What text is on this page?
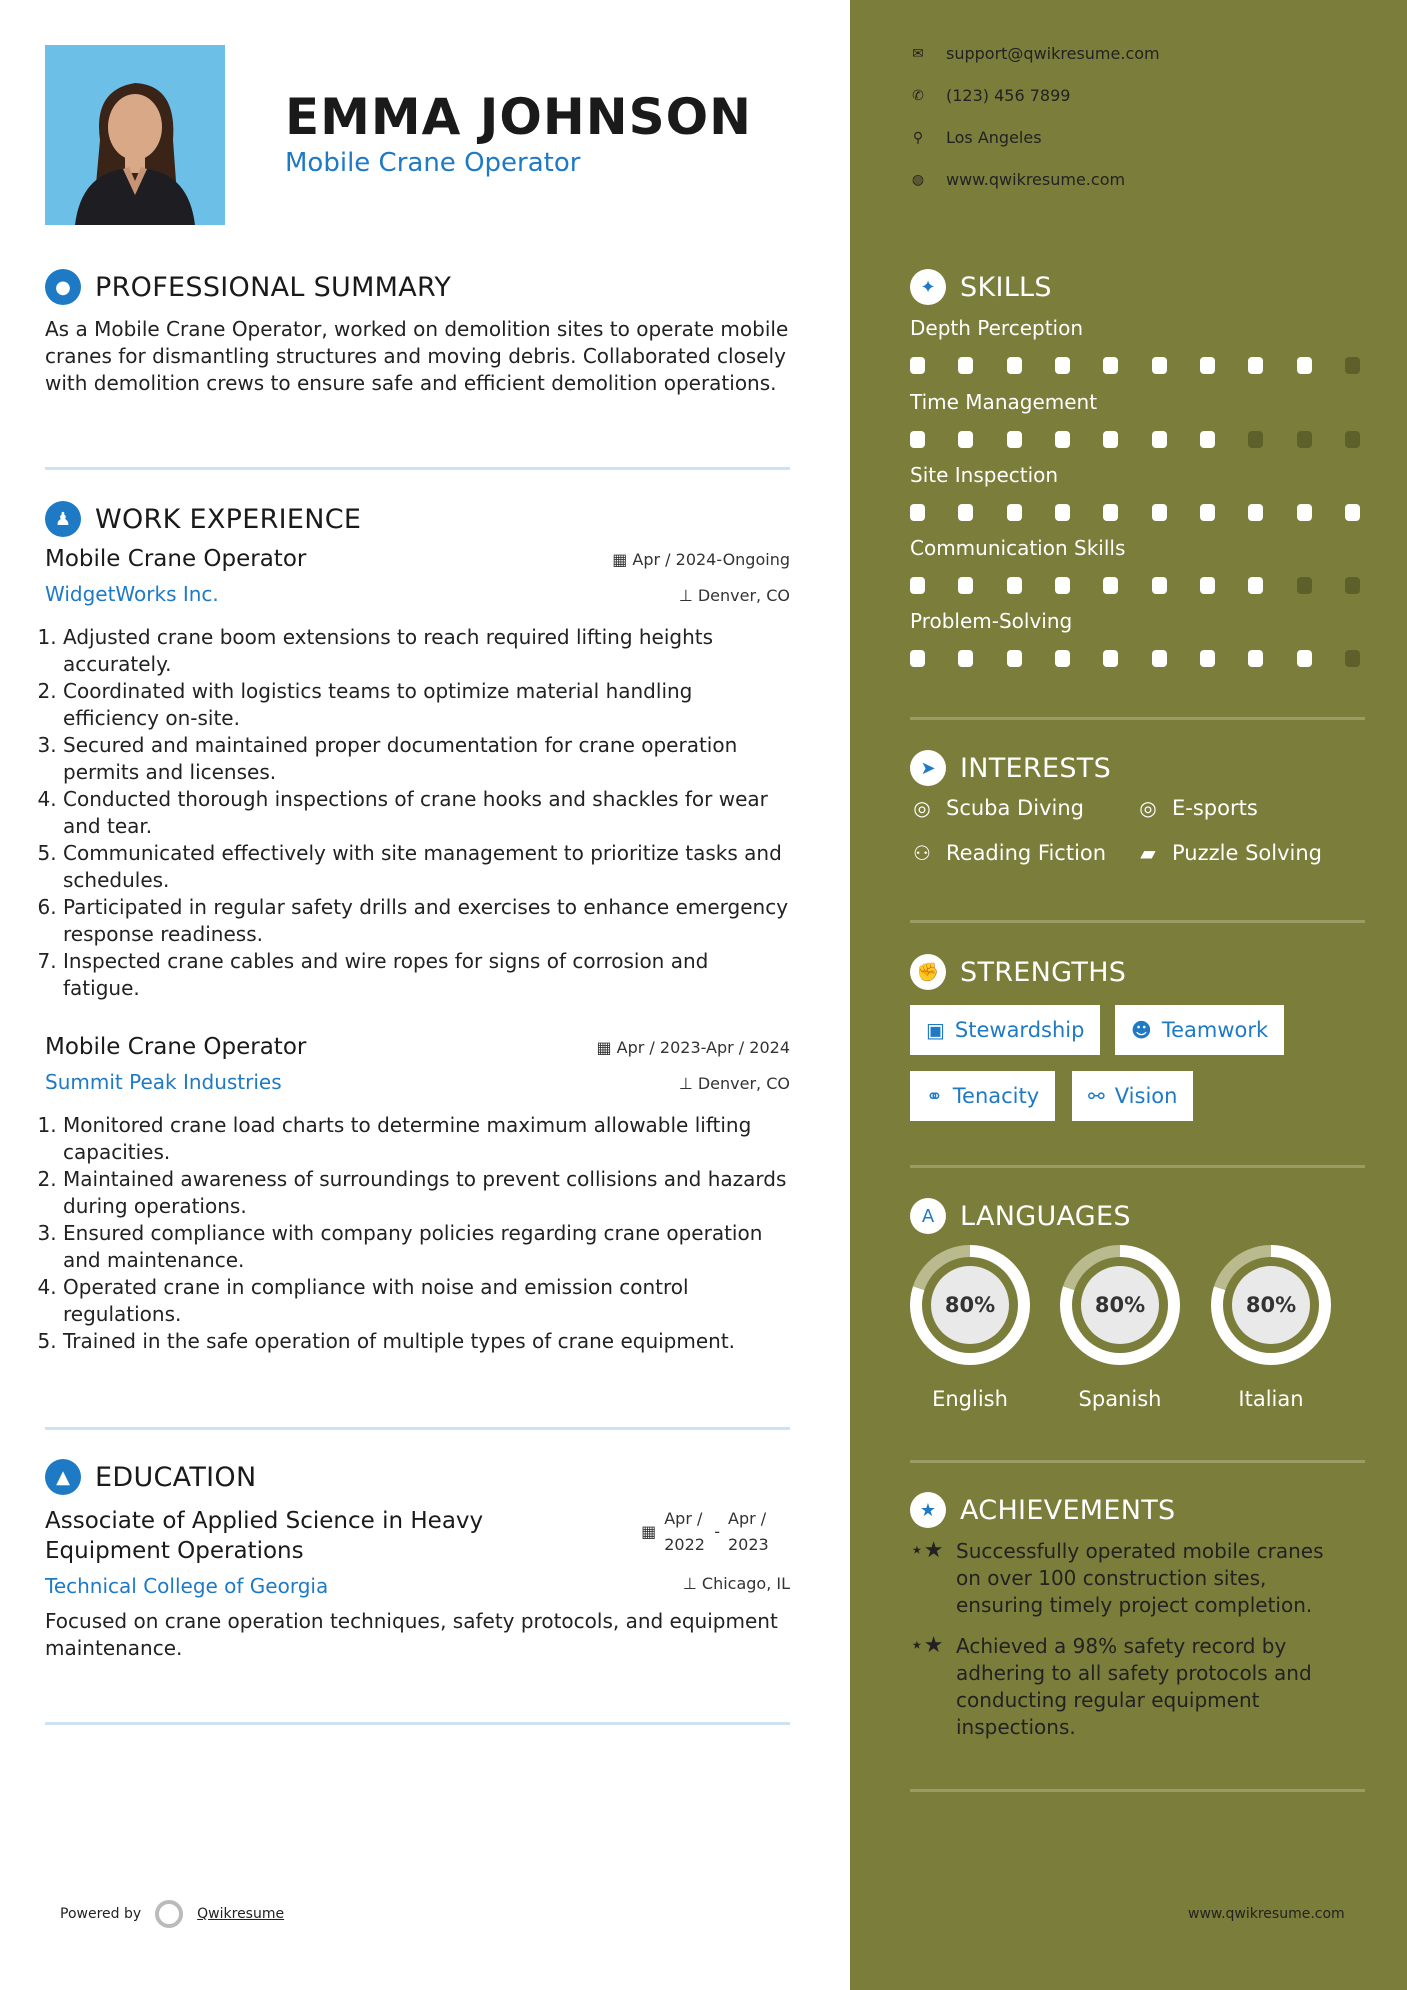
EMMA JOHNSON
Mobile Crane Operator
● PROFESSIONAL SUMMARY
As a Mobile Crane Operator, worked on demolition sites to operate mobile cranes for dismantling structures and moving debris. Collaborated closely with demolition crews to ensure safe and efficient demolition operations.
♟ WORK EXPERIENCE
Mobile Crane Operator
WidgetWorks Inc.
▦ Apr / 2024-Ongoing
⊥ Denver, CO
1. Adjusted crane boom extensions to reach required lifting heights accurately.
2. Coordinated with logistics teams to optimize material handling efficiency on-site.
3. Secured and maintained proper documentation for crane operation permits and licenses.
4. Conducted thorough inspections of crane hooks and shackles for wear and tear.
5. Communicated effectively with site management to prioritize tasks and schedules.
6. Participated in regular safety drills and exercises to enhance emergency response readiness.
7. Inspected crane cables and wire ropes for signs of corrosion and fatigue.
Mobile Crane Operator
Summit Peak Industries
▦ Apr / 2023-Apr / 2024
⊥ Denver, CO
1. Monitored crane load charts to determine maximum allowable lifting capacities.
2. Maintained awareness of surroundings to prevent collisions and hazards during operations.
3. Ensured compliance with company policies regarding crane operation and maintenance.
4. Operated crane in compliance with noise and emission control regulations.
5. Trained in the safe operation of multiple types of crane equipment.
▲ EDUCATION
Associate of Applied Science in Heavy Equipment Operations
Technical College of Georgia
▦
Apr / 2022
-
Apr / 2023
⊥ Chicago, IL
Focused on crane operation techniques, safety protocols, and equipment maintenance.
Powered by	Qwikresume
✉ support@qwikresume.com
✆ (123) 456 7899
⚲ Los Angeles
◍ www.qwikresume.com
✦ SKILLS
Depth Perception
Time Management
Site Inspection
Communication Skills
Problem-Solving
➤ INTERESTS
◎ Scuba Diving	◎ E-sports
⚇ Reading Fiction ▰ Puzzle Solving
✊ STRENGTHS
▣ Stewardship ☻ Teamwork
⚭ Tenacity ⚯ Vision
A LANGUAGES
80%
English
80%
Spanish
80%
Italian
★ ACHIEVEMENTS
⋆★ Successfully operated mobile cranes on over 100 construction sites, ensuring timely project completion.
⋆★ Achieved a 98% safety record by adhering to all safety protocols and conducting regular equipment inspections.
www.qwikresume.com
